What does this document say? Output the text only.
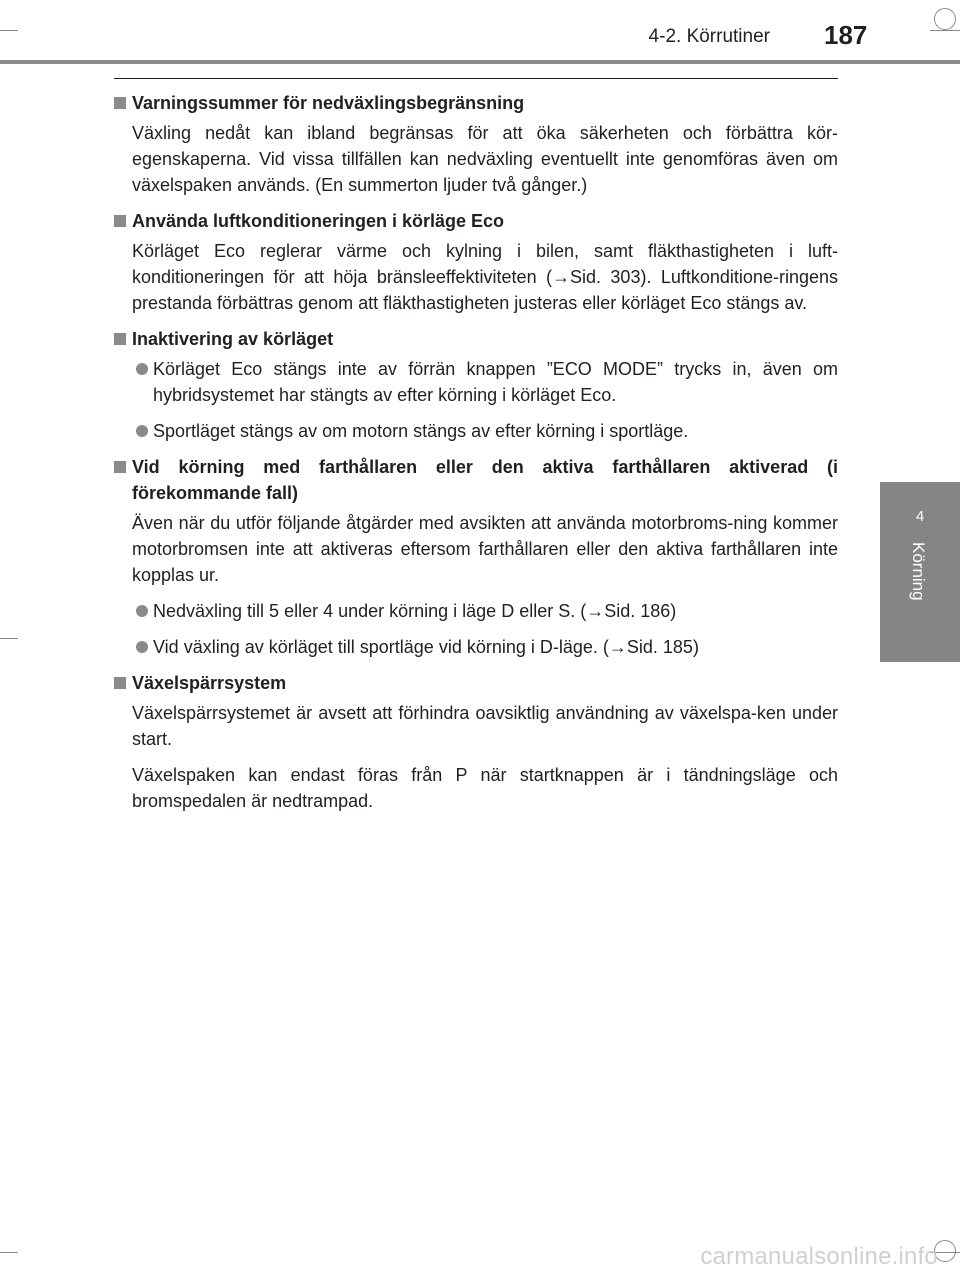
4-2. Körrutiner 187
4
Körning
Varningssummer för nedväxlingsbegränsning
Växling nedåt kan ibland begränsas för att öka säkerheten och förbättra kör-egenskaperna. Vid vissa tillfällen kan nedväxling eventuellt inte genomföras även om växelspaken används. (En summerton ljuder två gånger.)
Använda luftkonditioneringen i körläge Eco
Körläget Eco reglerar värme och kylning i bilen, samt fläkthastigheten i luft-konditioneringen för att höja bränsleeffektiviteten (→Sid. 303). Luftkonditione-ringens prestanda förbättras genom att fläkthastigheten justeras eller körläget Eco stängs av.
Inaktivering av körläget
Körläget Eco stängs inte av förrän knappen ”ECO MODE” trycks in, även om hybridsystemet har stängts av efter körning i körläget Eco.
Sportläget stängs av om motorn stängs av efter körning i sportläge.
Vid körning med farthållaren eller den aktiva farthållaren aktiverad (i förekommande fall)
Även när du utför följande åtgärder med avsikten att använda motorbroms-ning kommer motorbromsen inte att aktiveras eftersom farthållaren eller den aktiva farthållaren inte kopplas ur.
Nedväxling till 5 eller 4 under körning i läge D eller S. (→Sid. 186)
Vid växling av körläget till sportläge vid körning i D-läge. (→Sid. 185)
Växelspärrsystem
Växelspärrsystemet är avsett att förhindra oavsiktlig användning av växelspa-ken under start.
Växelspaken kan endast föras från P när startknappen är i tändningsläge och bromspedalen är nedtrampad.
carmanualsonline.info
